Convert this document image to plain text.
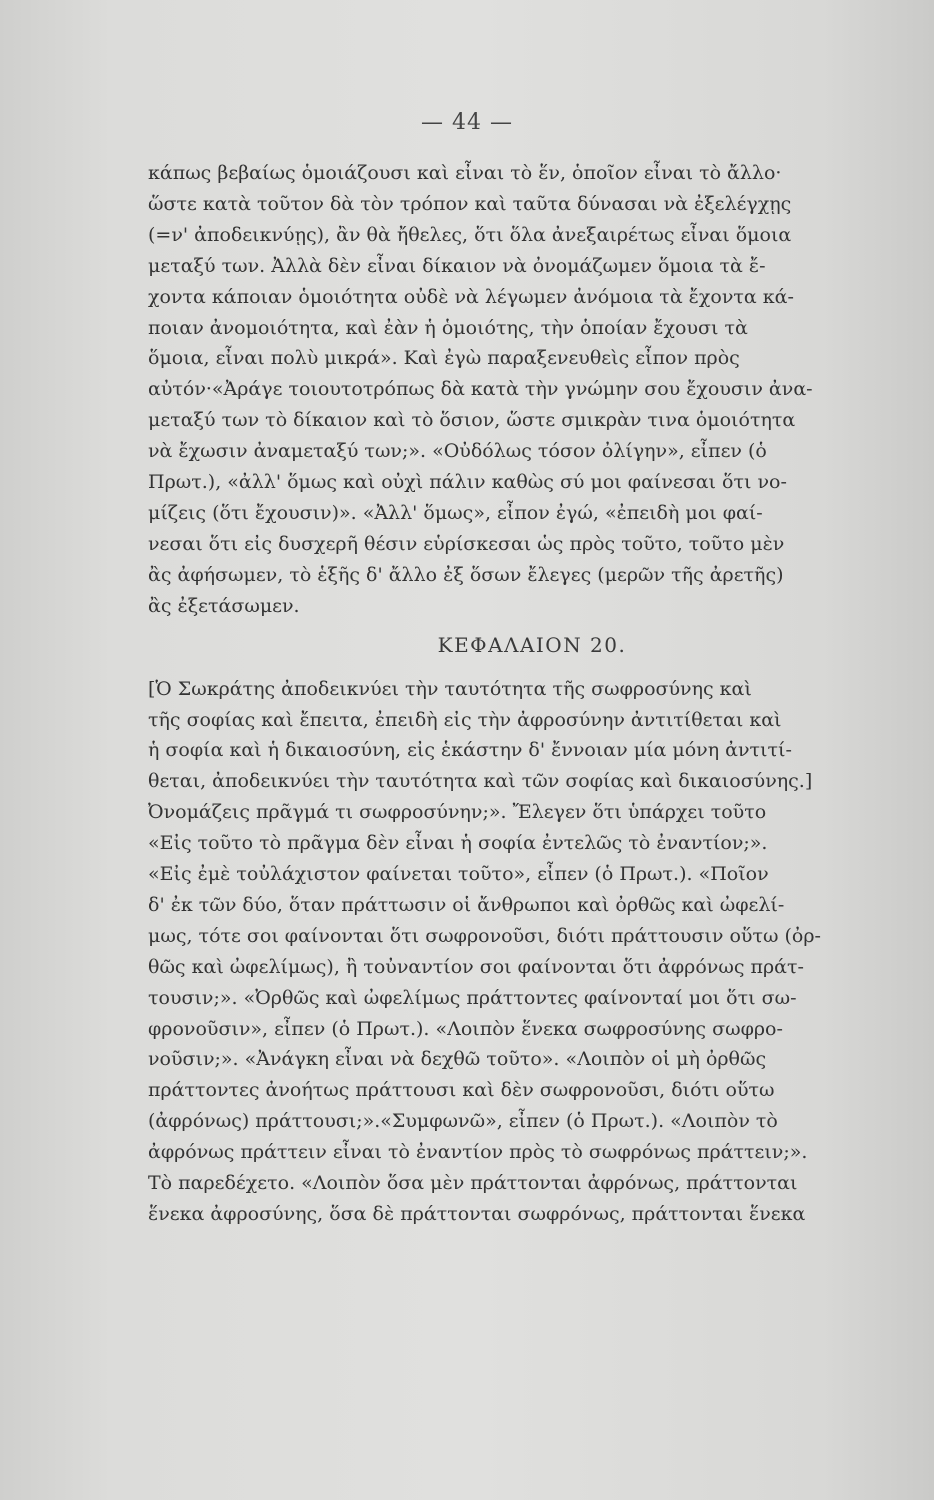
— 44 —
κάπως βεβαίως ὁμοιάζουσι καὶ εἶναι τὸ ἕν, ὁποῖον εἶναι τὸ ἄλλο·
ὥστε κατὰ τοῦτον δὰ τὸν τρόπον καὶ ταῦτα δύνασαι νὰ ἐξελέγχῃς
(=ν' ἀποδεικνύῃς), ἂν θὰ ἤθελες, ὅτι ὅλα ἀνεξαιρέτως εἶναι ὅμοια
μεταξύ των. Ἀλλὰ δὲν εἶναι δίκαιον νὰ ὀνομάζωμεν ὅμοια τὰ ἔ-
χοντα κάποιαν ὁμοιότητα οὐδὲ νὰ λέγωμεν ἀνόμοια τὰ ἔχοντα κά-
ποιαν ἀνομοιότητα, καὶ ἐὰν ἡ ὁμοιότης, τὴν ὁποίαν ἔχουσι τὰ
ὅμοια, εἶναι πολὺ μικρά». Καὶ ἐγὼ παραξενευθεὶς εἶπον πρὸς
αὐτόν·«Ἀράγε τοιουτοτρόπως δὰ κατὰ τὴν γνώμην σου ἔχουσιν ἀνα-
μεταξύ των τὸ δίκαιον καὶ τὸ ὅσιον, ὥστε σμικρὰν τινα ὁμοιότητα
νὰ ἔχωσιν ἀναμεταξύ των;». «Οὐδόλως τόσον ὀλίγην», εἶπεν (ὁ
Πρωτ.), «ἀλλ' ὅμως καὶ οὐχὶ πάλιν καθὼς σύ μοι φαίνεσαι ὅτι νο-
μίζεις (ὅτι ἔχουσιν)». «Ἀλλ' ὅμως», εἶπον ἐγώ, «ἐπειδὴ μοι φαί-
νεσαι ὅτι εἰς δυσχερῆ θέσιν εὑρίσκεσαι ὡς πρὸς τοῦτο, τοῦτο μὲν
ἂς ἀφήσωμεν, τὸ ἑξῆς δ' ἄλλο ἐξ ὅσων ἔλεγες (μερῶν τῆς ἀρετῆς)
ἂς ἐξετάσωμεν.
ΚΕΦΑΛΑΙΟΝ 20.
[Ὁ Σωκράτης ἀποδεικνύει τὴν ταυτότητα τῆς σωφροσύνης καὶ
τῆς σοφίας καὶ ἔπειτα, ἐπειδὴ εἰς τὴν ἀφροσύνην ἀντιτίθεται καὶ
ἡ σοφία καὶ ἡ δικαιοσύνη, εἰς ἑκάστην δ' ἔννοιαν μία μόνη ἀντιτί-
θεται, ἀποδεικνύει τὴν ταυτότητα καὶ τῶν σοφίας καὶ δικαιοσύνης.]
Ὀνομάζεις πρᾶγμά τι σωφροσύνην;». Ἔλεγεν ὅτι ὑπάρχει τοῦτο
«Εἰς τοῦτο τὸ πρᾶγμα δὲν εἶναι ἡ σοφία ἐντελῶς τὸ ἐναντίον;».
«Εἰς ἐμὲ τοὐλάχιστον φαίνεται τοῦτο», εἶπεν (ὁ Πρωτ.). «Ποῖον
δ' ἐκ τῶν δύο, ὅταν πράττωσιν οἱ ἄνθρωποι καὶ ὀρθῶς καὶ ὠφελί-
μως, τότε σοι φαίνονται ὅτι σωφρονοῦσι, διότι πράττουσιν οὕτω (ὀρ-
θῶς καὶ ὠφελίμως), ἢ τοὐναντίον σοι φαίνονται ὅτι ἀφρόνως πράτ-
τουσιν;». «Ὀρθῶς καὶ ὠφελίμως πράττοντες φαίνονταί μοι ὅτι σω-
φρονοῦσιν», εἶπεν (ὁ Πρωτ.). «Λοιπὸν ἕνεκα σωφροσύνης σωφρο-
νοῦσιν;». «Ἀνάγκη εἶναι νὰ δεχθῶ τοῦτο». «Λοιπὸν οἱ μὴ ὀρθῶς
πράττοντες ἀνοήτως πράττουσι καὶ δὲν σωφρονοῦσι, διότι οὕτω
(ἀφρόνως) πράττουσι;».«Συμφωνῶ», εἶπεν (ὁ Πρωτ.). «Λοιπὸν τὸ
ἀφρόνως πράττειν εἶναι τὸ ἐναντίον πρὸς τὸ σωφρόνως πράττειν;».
Τὸ παρεδέχετο. «Λοιπὸν ὅσα μὲν πράττονται ἀφρόνως, πράττονται
ἕνεκα ἀφροσύνης, ὅσα δὲ πράττονται σωφρόνως, πράττονται ἕνεκα
